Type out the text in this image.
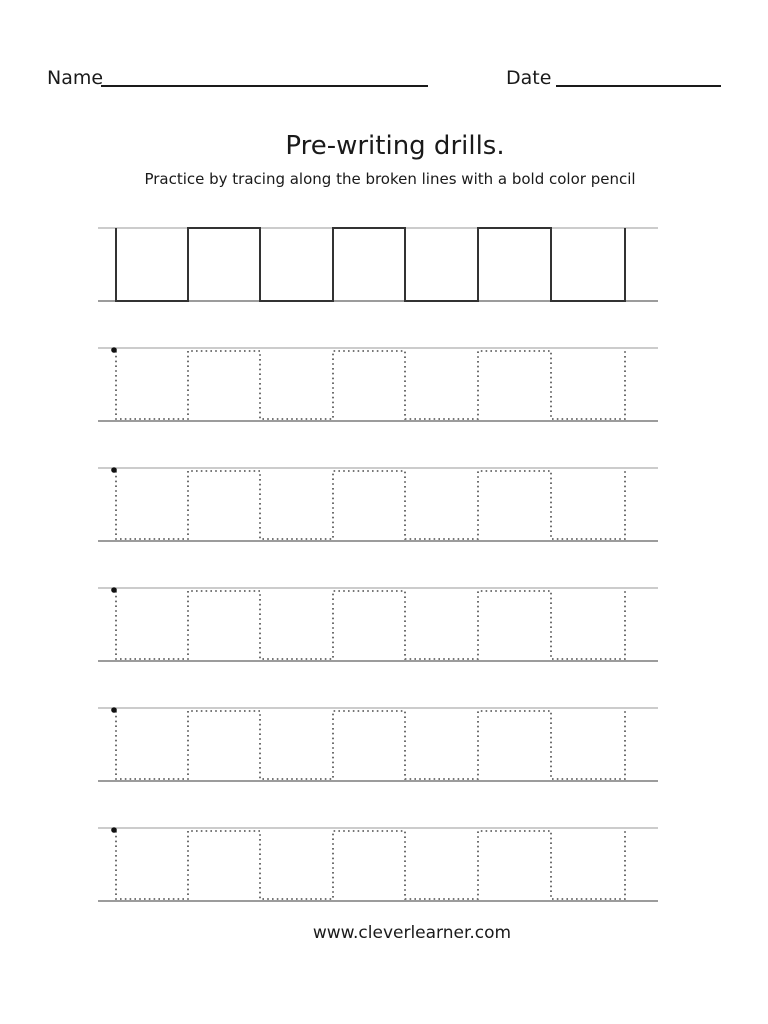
Name	Date
Pre-writing drills.
Practice by tracing along the broken lines with a bold color pencil
www.cleverlearner.com
